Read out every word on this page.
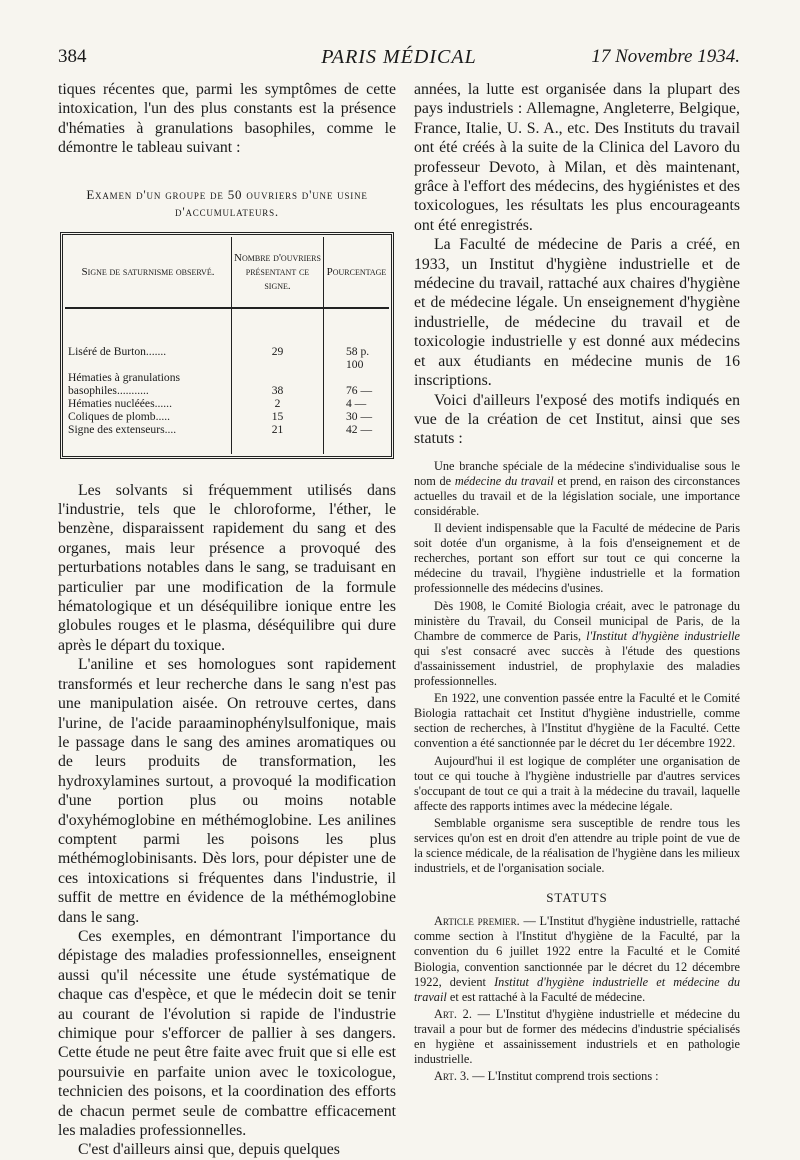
PARIS MÉDICAL
384	17 Novembre 1934.

tiques récentes que, parmi les symptômes de cette intoxication, l'un des plus constants est la présence d'hématies à granulations basophiles, comme le démontre le tableau suivant :

Examen d'un groupe de 50 ouvriers d'une usine d'accumulateurs.

Signe de saturnisme observé.	Nombre d'ouvriers présentant ce signe.	Pourcentage
Liséré de Burton.......	29	58 p. 100
Hématies à granulations basophiles...........	38	76 —
Hématies nucléées......	2	4 —
Coliques de plomb.....	15	30 —
Signe des extenseurs....	21	42 —

Les solvants si fréquemment utilisés dans l'industrie, tels que le chloroforme, l'éther, le benzène, disparaissent rapidement du sang et des organes, mais leur présence a provoqué des perturbations notables dans le sang, se traduisant en particulier par une modification de la formule hématologique et un déséquilibre ionique entre les globules rouges et le plasma, déséquilibre qui dure après le départ du toxique.

L'aniline et ses homologues sont rapidement transformés et leur recherche dans le sang n'est pas une manipulation aisée. On retrouve certes, dans l'urine, de l'acide paraaminophénylsulfonique, mais le passage dans le sang des amines aromatiques ou de leurs produits de transformation, les hydroxylamines surtout, a provoqué la modification d'une portion plus ou moins notable d'oxyhémoglobine en méthémoglobine. Les anilines comptent parmi les poisons les plus méthémoglobinisants. Dès lors, pour dépister une de ces intoxications si fréquentes dans l'industrie, il suffit de mettre en évidence de la méthémoglobine dans le sang.

Ces exemples, en démontrant l'importance du dépistage des maladies professionnelles, enseignent aussi qu'il nécessite une étude systématique de chaque cas d'espèce, et que le médecin doit se tenir au courant de l'évolution si rapide de l'industrie chimique pour s'efforcer de pallier à ses dangers. Cette étude ne peut être faite avec fruit que si elle est poursuivie en parfaite union avec le toxicologue, technicien des poisons, et la coordination des efforts de chacun permet seule de combattre efficacement les maladies professionnelles.

C'est d'ailleurs ainsi que, depuis quelques

années, la lutte est organisée dans la plupart des pays industriels : Allemagne, Angleterre, Belgique, France, Italie, U. S. A., etc. Des Instituts du travail ont été créés à la suite de la Clinica del Lavoro du professeur Devoto, à Milan, et dès maintenant, grâce à l'effort des médecins, des hygiénistes et des toxicologues, les résultats les plus encourageants ont été enregistrés.

La Faculté de médecine de Paris a créé, en 1933, un Institut d'hygiène industrielle et de médecine du travail, rattaché aux chaires d'hygiène et de médecine légale. Un enseignement d'hygiène industrielle, de médecine du travail et de toxicologie industrielle y est donné aux médecins et aux étudiants en médecine munis de 16 inscriptions.

Voici d'ailleurs l'exposé des motifs indiqués en vue de la création de cet Institut, ainsi que ses statuts :

Une branche spéciale de la médecine s'individualise sous le nom de médecine du travail et prend, en raison des circonstances actuelles du travail et de la législation sociale, une importance considérable.

Il devient indispensable que la Faculté de médecine de Paris soit dotée d'un organisme, à la fois d'enseignement et de recherches, portant son effort sur tout ce qui concerne la médecine du travail, l'hygiène industrielle et la formation professionnelle des médecins d'usines.

Dès 1908, le Comité Biologia créait, avec le patronage du ministère du Travail, du Conseil municipal de Paris, de la Chambre de commerce de Paris, l'Institut d'hygiène industrielle qui s'est consacré avec succès à l'étude des questions d'assainissement industriel, de prophylaxie des maladies professionnelles.

En 1922, une convention passée entre la Faculté et le Comité Biologia rattachait cet Institut d'hygiène industrielle, comme section de recherches, à l'Institut d'hygiène de la Faculté. Cette convention a été sanctionnée par le décret du 1er décembre 1922.

Aujourd'hui il est logique de compléter une organisation de tout ce qui touche à l'hygiène industrielle par d'autres services s'occupant de tout ce qui a trait à la médecine du travail, laquelle affecte des rapports intimes avec la médecine légale.

Semblable organisme sera susceptible de rendre tous les services qu'on est en droit d'en attendre au triple point de vue de la science médicale, de la réalisation de l'hygiène dans les milieux industriels, et de l'organisation sociale.

STATUTS

Article premier. — L'Institut d'hygiène industrielle, rattaché comme section à l'Institut d'hygiène de la Faculté, par la convention du 6 juillet 1922 entre la Faculté et le Comité Biologia, convention sanctionnée par le décret du 12 décembre 1922, devient Institut d'hygiène industrielle et médecine du travail et est rattaché à la Faculté de médecine.

Art. 2. — L'Institut d'hygiène industrielle et médecine du travail a pour but de former des médecins d'industrie spécialisés en hygiène et assainissement industriels et en pathologie industrielle.

Art. 3. — L'Institut comprend trois sections :
